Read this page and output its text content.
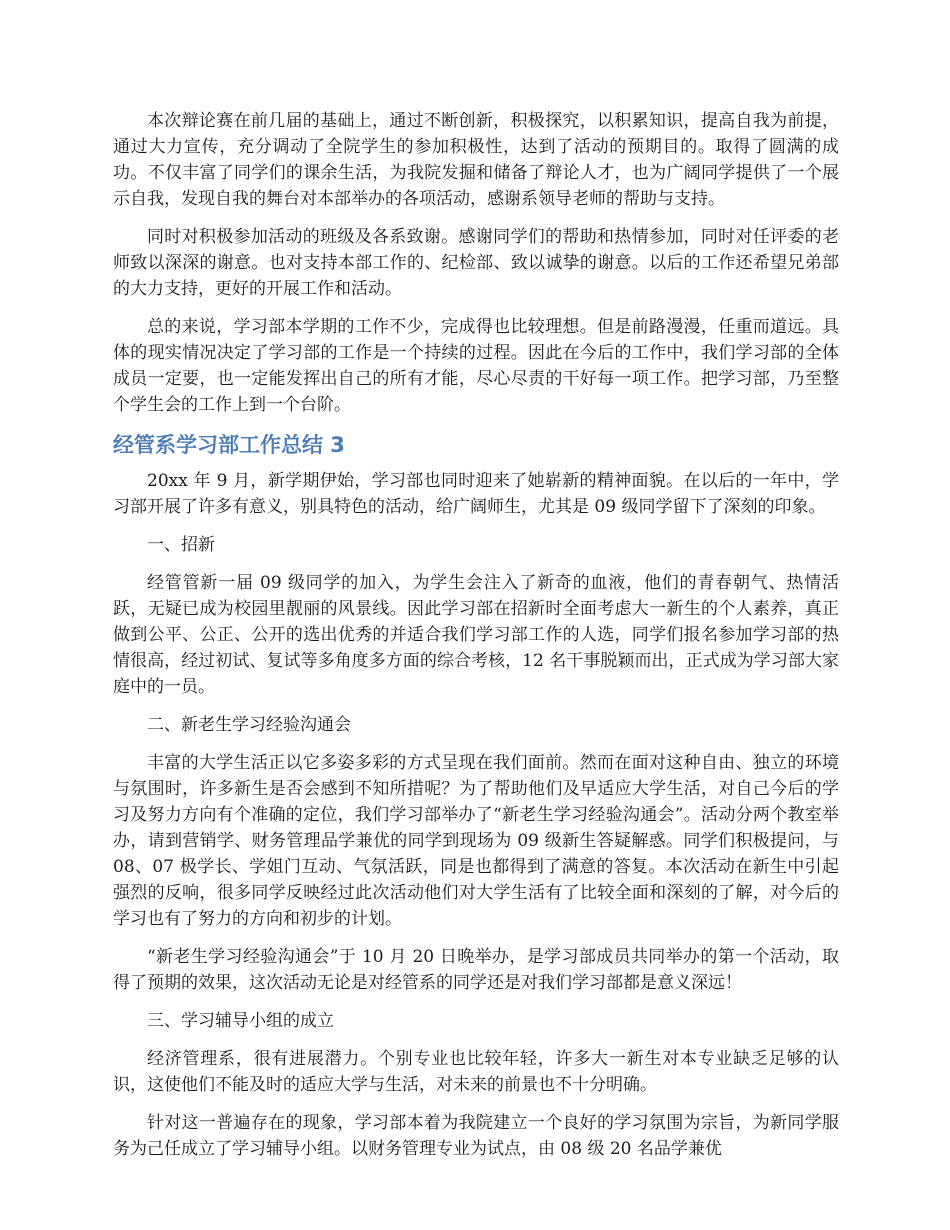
本次辩论赛在前几届的基础上，通过不断创新，积极探究，以积累知识，提高自我为前提，通过大力宣传，充分调动了全院学生的参加积极性，达到了活动的预期目的。取得了圆满的成功。不仅丰富了同学们的课余生活，为我院发掘和储备了辩论人才，也为广阔同学提供了一个展示自我，发现自我的舞台对本部举办的各项活动，感谢系领导老师的帮助与支持。

同时对积极参加活动的班级及各系致谢。感谢同学们的帮助和热情参加，同时对任评委的老师致以深深的谢意。也对支持本部工作的、纪检部、致以诚挚的谢意。以后的工作还希望兄弟部的大力支持，更好的开展工作和活动。

总的来说，学习部本学期的工作不少，完成得也比较理想。但是前路漫漫，任重而道远。具体的现实情况决定了学习部的工作是一个持续的过程。因此在今后的工作中，我们学习部的全体成员一定要，也一定能发挥出自己的所有才能，尽心尽责的干好每一项工作。把学习部，乃至整个学生会的工作上到一个台阶。

经管系学习部工作总结 3

20xx 年 9 月，新学期伊始，学习部也同时迎来了她崭新的精神面貌。在以后的一年中，学习部开展了许多有意义，别具特色的活动，给广阔师生，尤其是 09 级同学留下了深刻的印象。

一、招新

经管管新一届 09 级同学的加入，为学生会注入了新奇的血液，他们的青春朝气、热情活跃，无疑已成为校园里靓丽的风景线。因此学习部在招新时全面考虑大一新生的个人素养，真正做到公平、公正、公开的选出优秀的并适合我们学习部工作的人选，同学们报名参加学习部的热情很高，经过初试、复试等多角度多方面的综合考核，12 名干事脱颖而出，正式成为学习部大家庭中的一员。

二、新老生学习经验沟通会

丰富的大学生活正以它多姿多彩的方式呈现在我们面前。然而在面对这种自由、独立的环境与氛围时，许多新生是否会感到不知所措呢？为了帮助他们及早适应大学生活，对自己今后的学习及努力方向有个准确的定位，我们学习部举办了“新老生学习经验沟通会”。活动分两个教室举办，请到营销学、财务管理品学兼优的同学到现场为 09 级新生答疑解惑。同学们积极提问，与 08、07 极学长、学姐门互动、气氛活跃，同是也都得到了满意的答复。本次活动在新生中引起强烈的反响，很多同学反映经过此次活动他们对大学生活有了比较全面和深刻的了解，对今后的学习也有了努力的方向和初步的计划。

“新老生学习经验沟通会”于 10 月 20 日晚举办，是学习部成员共同举办的第一个活动，取得了预期的效果，这次活动无论是对经管系的同学还是对我们学习部都是意义深远！

三、学习辅导小组的成立

经济管理系，很有进展潜力。个别专业也比较年轻，许多大一新生对本专业缺乏足够的认识，这使他们不能及时的适应大学与生活，对未来的前景也不十分明确。

针对这一普遍存在的现象，学习部本着为我院建立一个良好的学习氛围为宗旨，为新同学服务为己任成立了学习辅导小组。以财务管理专业为试点，由 08 级 20 名品学兼优
